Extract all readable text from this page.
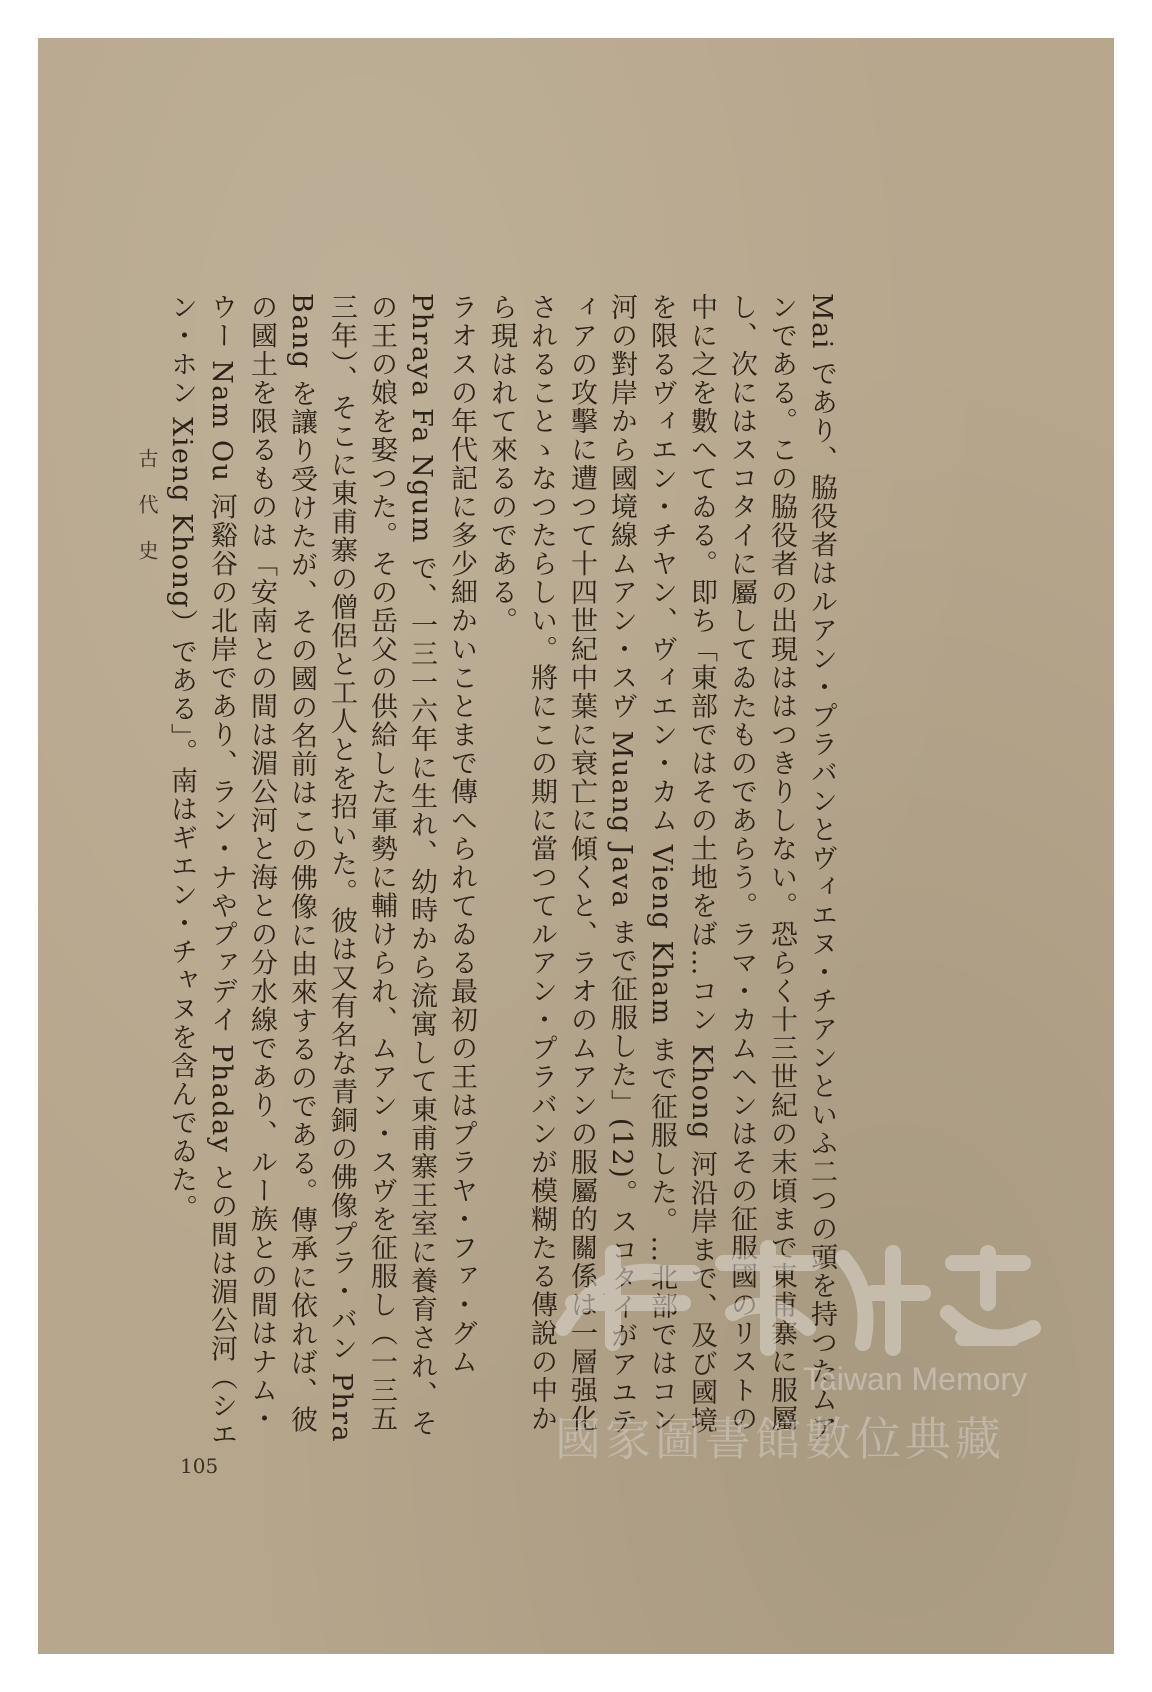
Mai であり、脇役者はルアン・プラバンとヴィエヌ・チアンといふ二つの頭を持つたムアンである。この脇役者の出現ははつきりしない。恐らく十三世紀の末頃まで東甫寨に服屬し、次にはスコタイに屬してゐたものであらう。ラマ・カムヘンはその征服國のリストの中に之を數へてゐる。即ち「東部ではその土地をば…コン Khong 河沿岸まで、及び國境を限るヴィエン・チヤン、ヴィエン・カム Vieng Kham まで征服した。…北部ではコン河の對岸から國境線ムアン・スヴ Muang Java まで征服した」(12)。スコタイがアユティアの攻擊に遭つて十四世紀中葉に衰亡に傾くと、ラオのムアンの服屬的關係は一層强化されることゝなつたらしい。將にこの期に當つてルアン・プラバンが模糊たる傳說の中から現はれて來るのである。

ラオスの年代記に多少細かいことまで傳へられてゐる最初の王はプラヤ・ファ・グム Phraya Fa Ngum で、一三一六年に生れ、幼時から流寓して東甫寨王室に養育され、その王の娘を娶つた。その岳父の供給した軍勢に輔けられ、ムアン・スヴを征服し（一三五三年）、そこに東甫寨の僧侶と工人とを招いた。彼は又有名な青銅の佛像プラ・バン Phra Bang を讓り受けたが、その國の名前はこの佛像に由來するのである。傳承に依れば、彼の國土を限るものは「安南との間は湄公河と海との分水線であり、ルー族との間はナム・ウー Nam Ou 河谿谷の北岸であり、ラン・ナやプァデイ Phaday との間は湄公河（シエン・ホン Xieng Khong）である」。南はギエン・チャヌを含んでゐた。

古代史
105
Taiwan Memory
國家圖書館數位典藏
